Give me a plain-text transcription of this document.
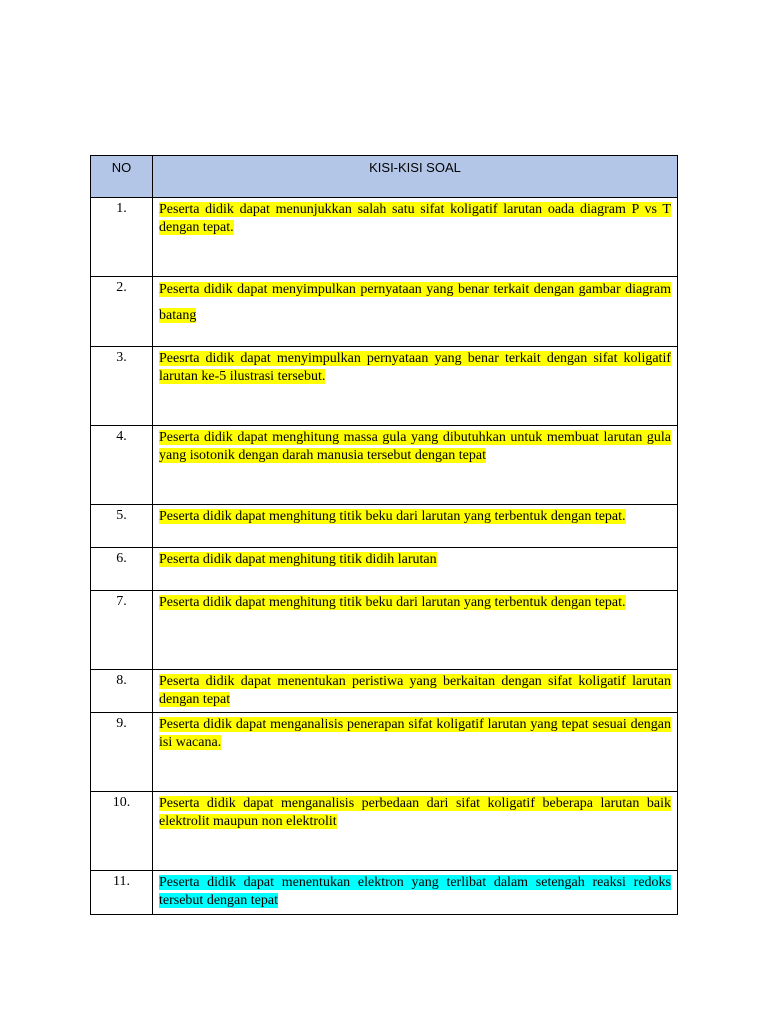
NO	KISI-KISI SOAL
1.	Peserta didik dapat menunjukkan salah satu sifat koligatif larutan oada diagram P vs T dengan tepat.
2.	Peserta didik dapat menyimpulkan pernyataan yang benar terkait dengan gambar diagram batang
3.	Peesrta didik dapat menyimpulkan pernyataan yang benar terkait dengan sifat koligatif larutan ke-5 ilustrasi tersebut.
4.	Peserta didik dapat menghitung massa gula yang dibutuhkan untuk membuat larutan gula yang isotonik dengan darah manusia tersebut dengan tepat
5.	Peserta didik dapat menghitung titik beku dari larutan yang terbentuk dengan tepat.
6.	Peserta didik dapat menghitung titik didih larutan
7.	Peserta didik dapat menghitung titik beku dari larutan yang terbentuk dengan tepat.
8.	Peserta didik dapat menentukan peristiwa yang berkaitan dengan sifat koligatif larutan dengan tepat
9.	Peserta didik dapat menganalisis penerapan sifat koligatif larutan yang tepat sesuai dengan isi wacana.
10.	Peserta didik dapat menganalisis perbedaan dari sifat koligatif beberapa larutan baik elektrolit maupun non elektrolit
11.	Peserta didik dapat menentukan elektron yang terlibat dalam setengah reaksi redoks tersebut dengan tepat
